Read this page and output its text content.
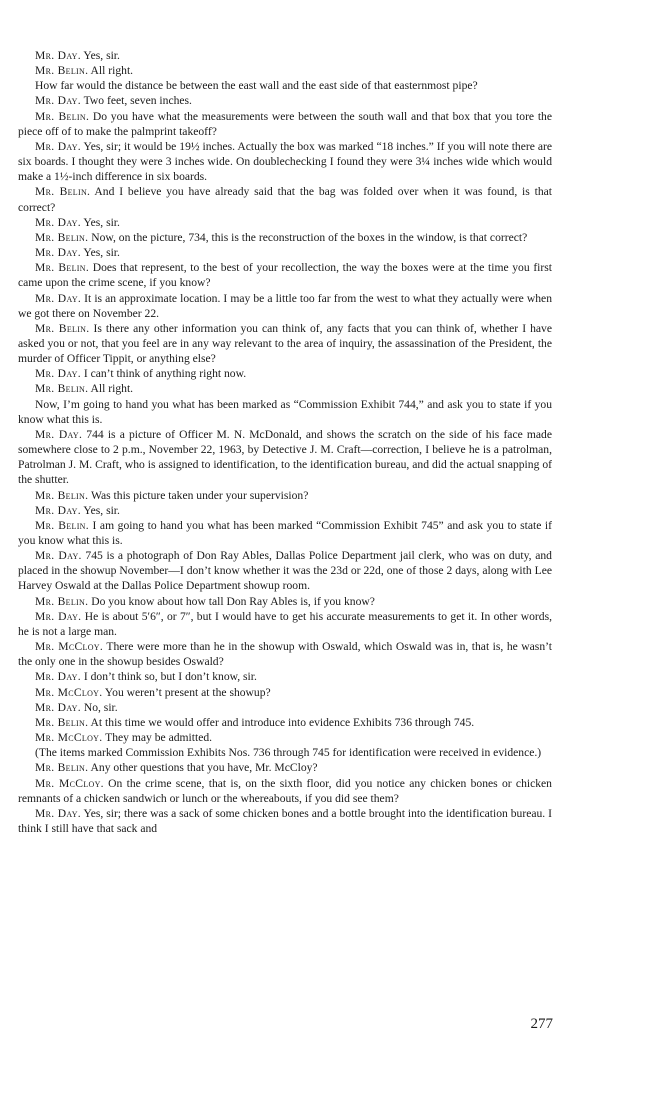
Mr. Day. Yes, sir.

Mr. Belin. All right.

How far would the distance be between the east wall and the east side of that easternmost pipe?

Mr. Day. Two feet, seven inches.

Mr. Belin. Do you have what the measurements were between the south wall and that box that you tore the piece off of to make the palmprint takeoff?

Mr. Day. Yes, sir; it would be 19½ inches. Actually the box was marked “18 inches.” If you will note there are six boards. I thought they were 3 inches wide. On doublechecking I found they were 3¼ inches wide which would make a 1½-inch difference in six boards.

Mr. Belin. And I believe you have already said that the bag was folded over when it was found, is that correct?

Mr. Day. Yes, sir.

Mr. Belin. Now, on the picture, 734, this is the reconstruction of the boxes in the window, is that correct?

Mr. Day. Yes, sir.

Mr. Belin. Does that represent, to the best of your recollection, the way the boxes were at the time you first came upon the crime scene, if you know?

Mr. Day. It is an approximate location. I may be a little too far from the west to what they actually were when we got there on November 22.

Mr. Belin. Is there any other information you can think of, any facts that you can think of, whether I have asked you or not, that you feel are in any way relevant to the area of inquiry, the assassination of the President, the murder of Officer Tippit, or anything else?

Mr. Day. I can’t think of anything right now.

Mr. Belin. All right.

Now, I’m going to hand you what has been marked as “Commission Exhibit 744,” and ask you to state if you know what this is.

Mr. Day. 744 is a picture of Officer M. N. McDonald, and shows the scratch on the side of his face made somewhere close to 2 p.m., November 22, 1963, by Detective J. M. Craft—correction, I believe he is a patrolman, Patrolman J. M. Craft, who is assigned to identification, to the identification bureau, and did the actual snapping of the shutter.

Mr. Belin. Was this picture taken under your supervision?

Mr. Day. Yes, sir.

Mr. Belin. I am going to hand you what has been marked “Commission Exhibit 745” and ask you to state if you know what this is.

Mr. Day. 745 is a photograph of Don Ray Ables, Dallas Police Department jail clerk, who was on duty, and placed in the showup November—I don’t know whether it was the 23d or 22d, one of those 2 days, along with Lee Harvey Oswald at the Dallas Police Department showup room.

Mr. Belin. Do you know about how tall Don Ray Ables is, if you know?

Mr. Day. He is about 5′6″, or 7″, but I would have to get his accurate measurements to get it. In other words, he is not a large man.

Mr. McCloy. There were more than he in the showup with Oswald, which Oswald was in, that is, he wasn’t the only one in the showup besides Oswald?

Mr. Day. I don’t think so, but I don’t know, sir.

Mr. McCloy. You weren’t present at the showup?

Mr. Day. No, sir.

Mr. Belin. At this time we would offer and introduce into evidence Exhibits 736 through 745.

Mr. McCloy. They may be admitted.

(The items marked Commission Exhibits Nos. 736 through 745 for identification were received in evidence.)

Mr. Belin. Any other questions that you have, Mr. McCloy?

Mr. McCloy. On the crime scene, that is, on the sixth floor, did you notice any chicken bones or chicken remnants of a chicken sandwich or lunch or the whereabouts, if you did see them?

Mr. Day. Yes, sir; there was a sack of some chicken bones and a bottle brought into the identification bureau. I think I still have that sack and

277
